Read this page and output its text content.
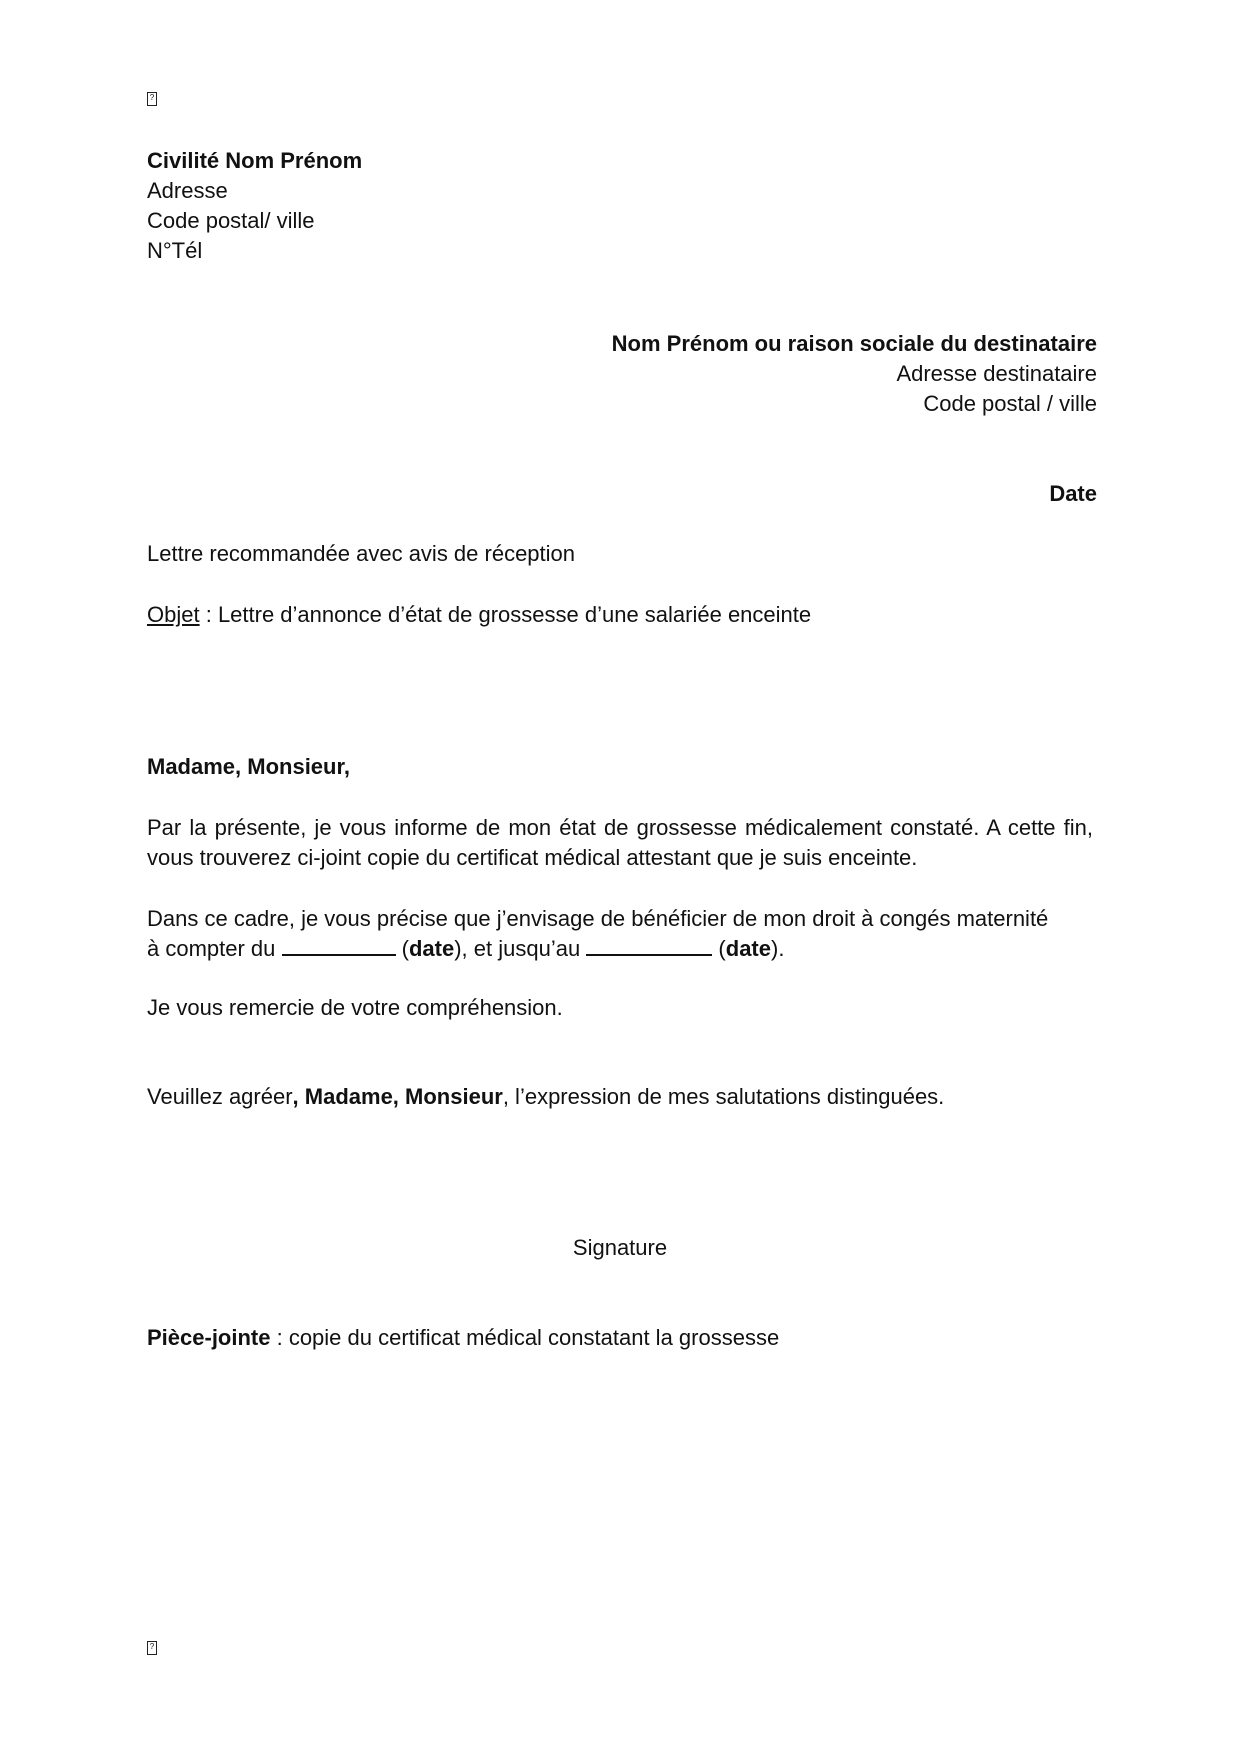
?
Civilité Nom Prénom
Adresse
Code postal/ ville
N°Tél
Nom Prénom ou raison sociale du destinataire
Adresse destinataire
Code postal / ville
Date
Lettre recommandée avec avis de réception
Objet : Lettre d’annonce d’état de grossesse d’une salariée enceinte
Madame, Monsieur,
Par la présente, je vous informe de mon état de grossesse médicalement constaté. A cette fin, vous trouverez ci-joint copie du certificat médical attestant que je suis enceinte.
Dans ce cadre, je vous précise que j’envisage de bénéficier de mon droit à congés maternité
à compter du	(date), et jusqu’au	(date).
Je vous remercie de votre compréhension.
Veuillez agréer, Madame, Monsieur, l’expression de mes salutations distinguées.
Signature
Pièce-jointe : copie du certificat médical constatant la grossesse
?
